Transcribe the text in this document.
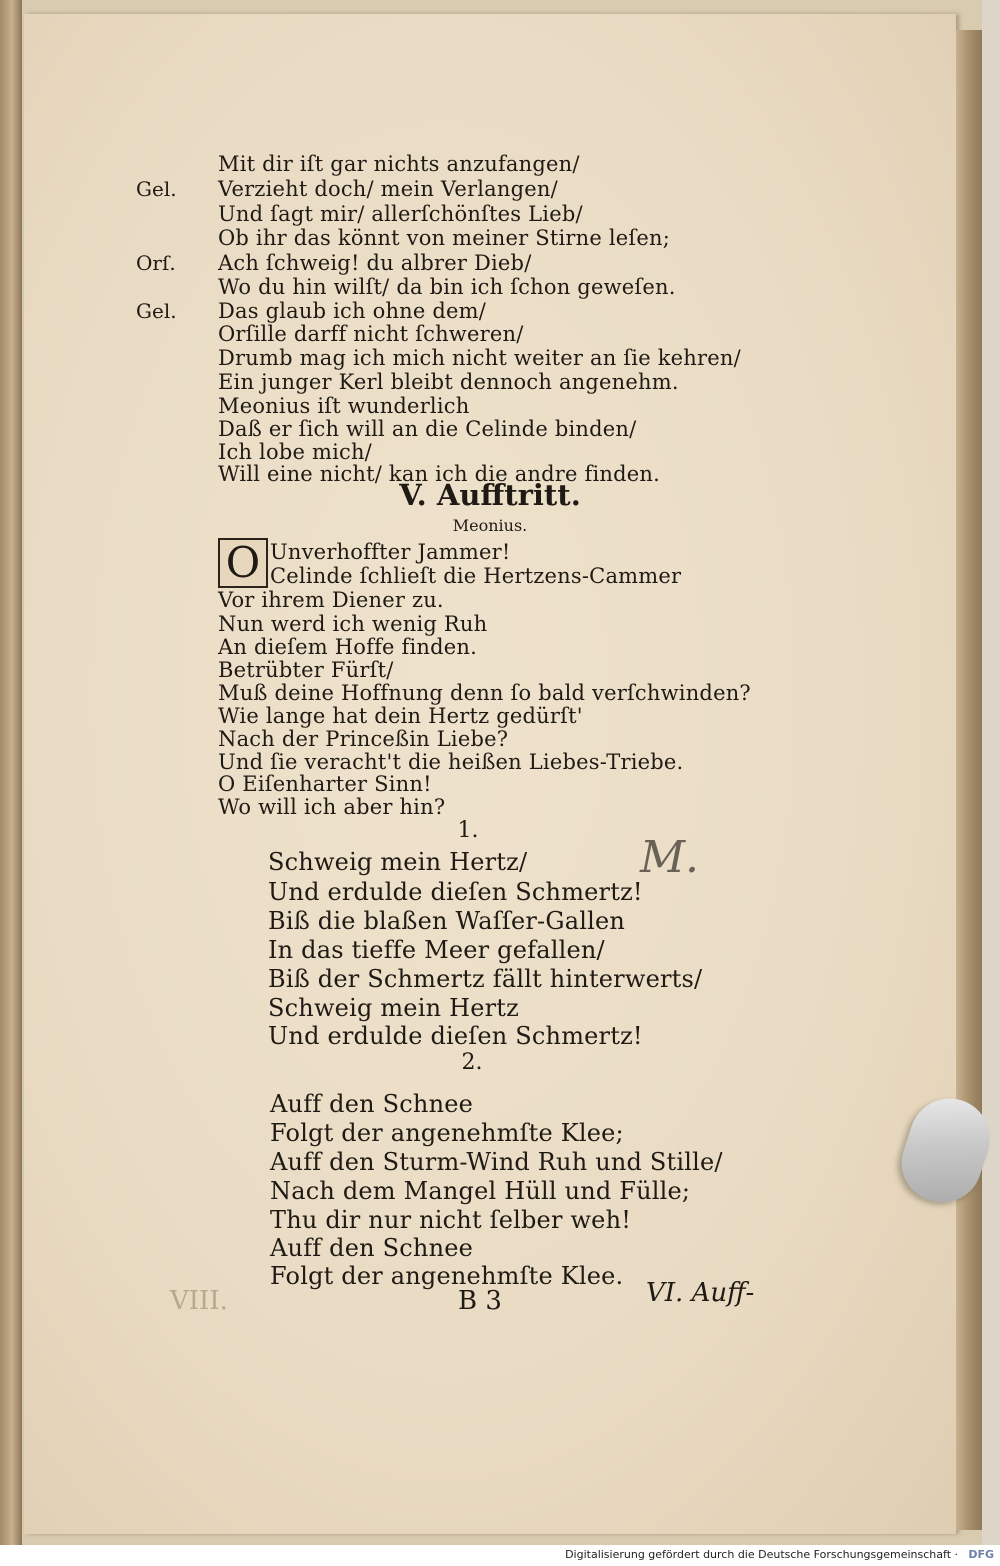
Mit dir iſt gar nichts anzufangen/
Gel. Verzieht doch/ mein Verlangen/
Und ſagt mir/ allerſchönſtes Lieb/
Ob ihr das könnt von meiner Stirne leſen;
Orſ. Ach ſchweig! du albrer Dieb/
Wo du hin wilſt/ da bin ich ſchon geweſen.
Gel. Das glaub ich ohne dem/
Orſille darff nicht ſchweren/
Drumb mag ich mich nicht weiter an ſie kehren/
Ein junger Kerl bleibt dennoch angenehm.
Meonius iſt wunderlich
Daß er ſich will an die Celinde binden/
Ich lobe mich/
Will eine nicht/ kan ich die andre finden.
V. Aufftritt.
Meonius.
O Unverhoffter Jammer!
Celinde ſchlieſt die Hertzens-Cammer
Vor ihrem Diener zu.
Nun werd ich wenig Ruh
An dieſem Hoffe finden.
Betrübter Fürſt/
Muß deine Hoffnung denn ſo bald verſchwinden?
Wie lange hat dein Hertz gedürſt'
Nach der Princeßin Liebe?
Und ſie veracht't die heißen Liebes-Triebe.
O Eiſenharter Sinn!
Wo will ich aber hin?
1.
Schweig mein Hertz/
Und erdulde dieſen Schmertz!
Biß die blaßen Waſſer-Gallen
In das tieffe Meer gefallen/
Biß der Schmertz fällt hinterwerts/
Schweig mein Hertz
Und erdulde dieſen Schmertz!
M.
2.
Auff den Schnee
Folgt der angenehmſte Klee;
Auff den Sturm-Wind Ruh und Stille/
Nach dem Mangel Hüll und Fülle;
Thu dir nur nicht ſelber weh!
Auff den Schnee
Folgt der angenehmſte Klee.
VIII.	B 3	VI. Auff-
Digitalisierung gefördert durch die Deutsche Forschungsgemeinschaft · DFG
